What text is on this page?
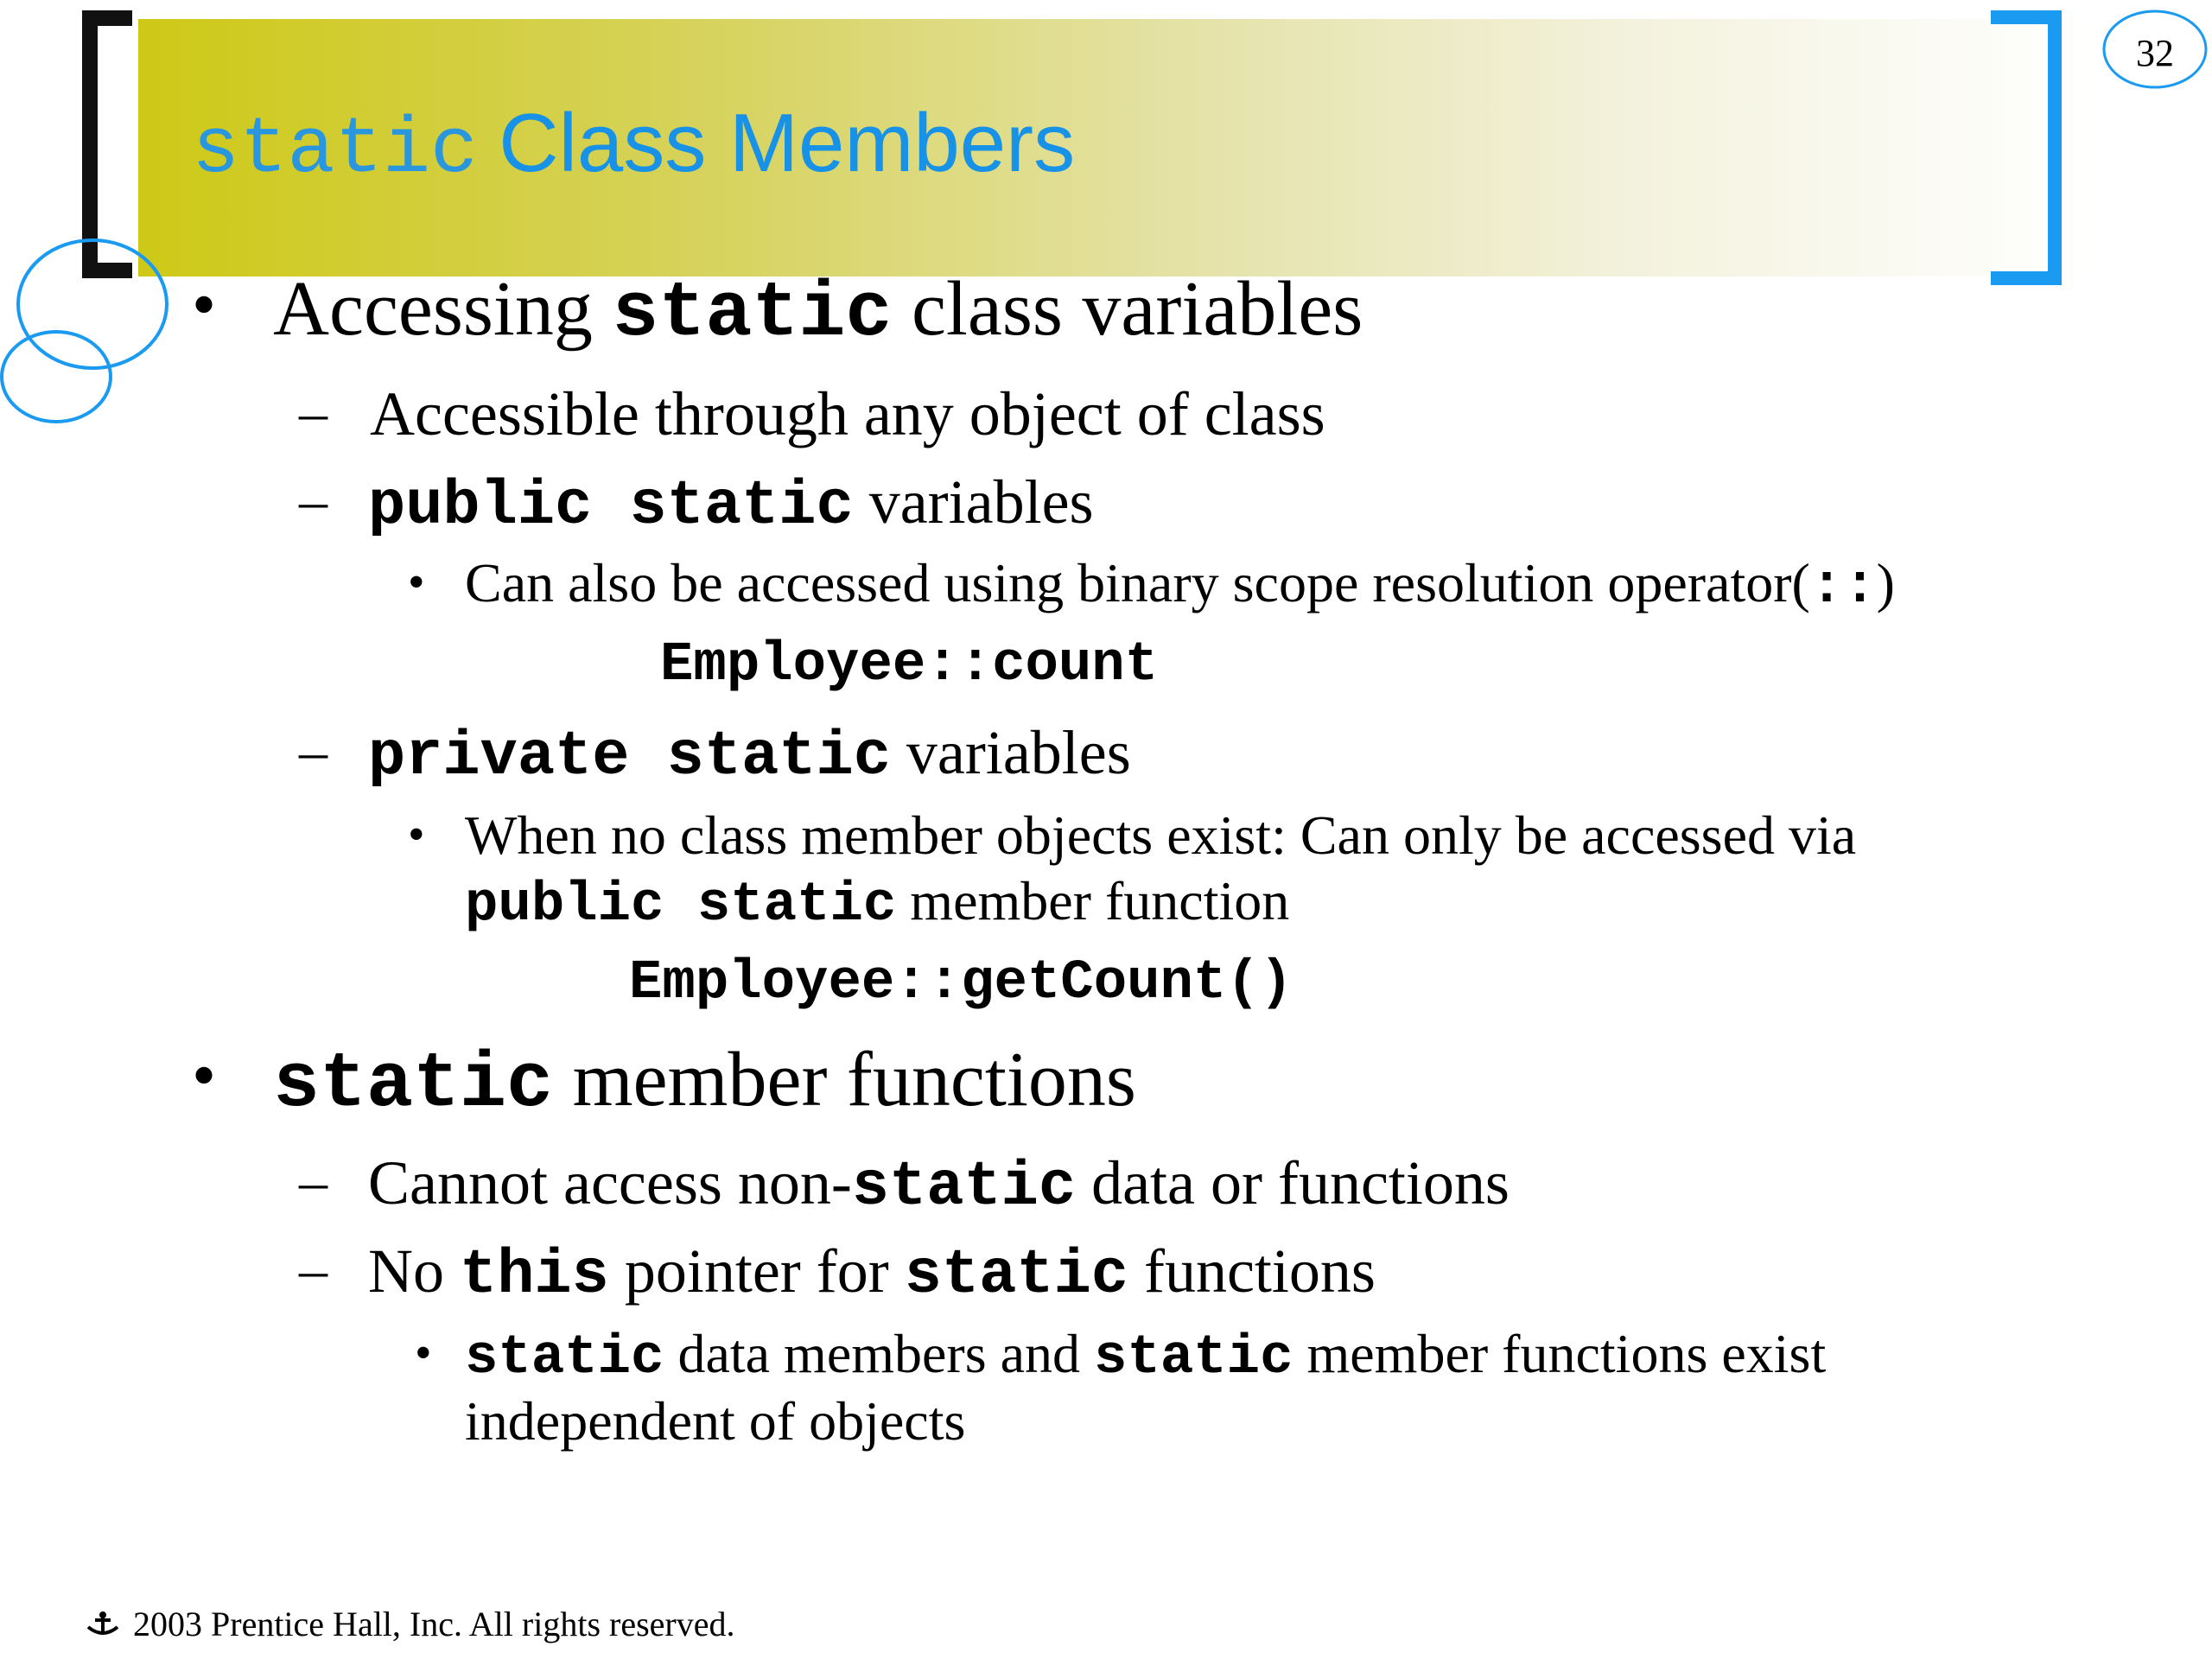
32
static Class Members
• Accessing static class variables
– Accessible through any object of class
– public static variables
• Can also be accessed using binary scope resolution operator(::)
Employee::count
– private static variables
• When no class member objects exist: Can only be accessed via
public static member function
Employee::getCount()
• static member functions
– Cannot access non-static data or functions
– No this pointer for static functions
• static data members and static member functions exist
independent of objects
2003 Prentice Hall, Inc. All rights reserved.
